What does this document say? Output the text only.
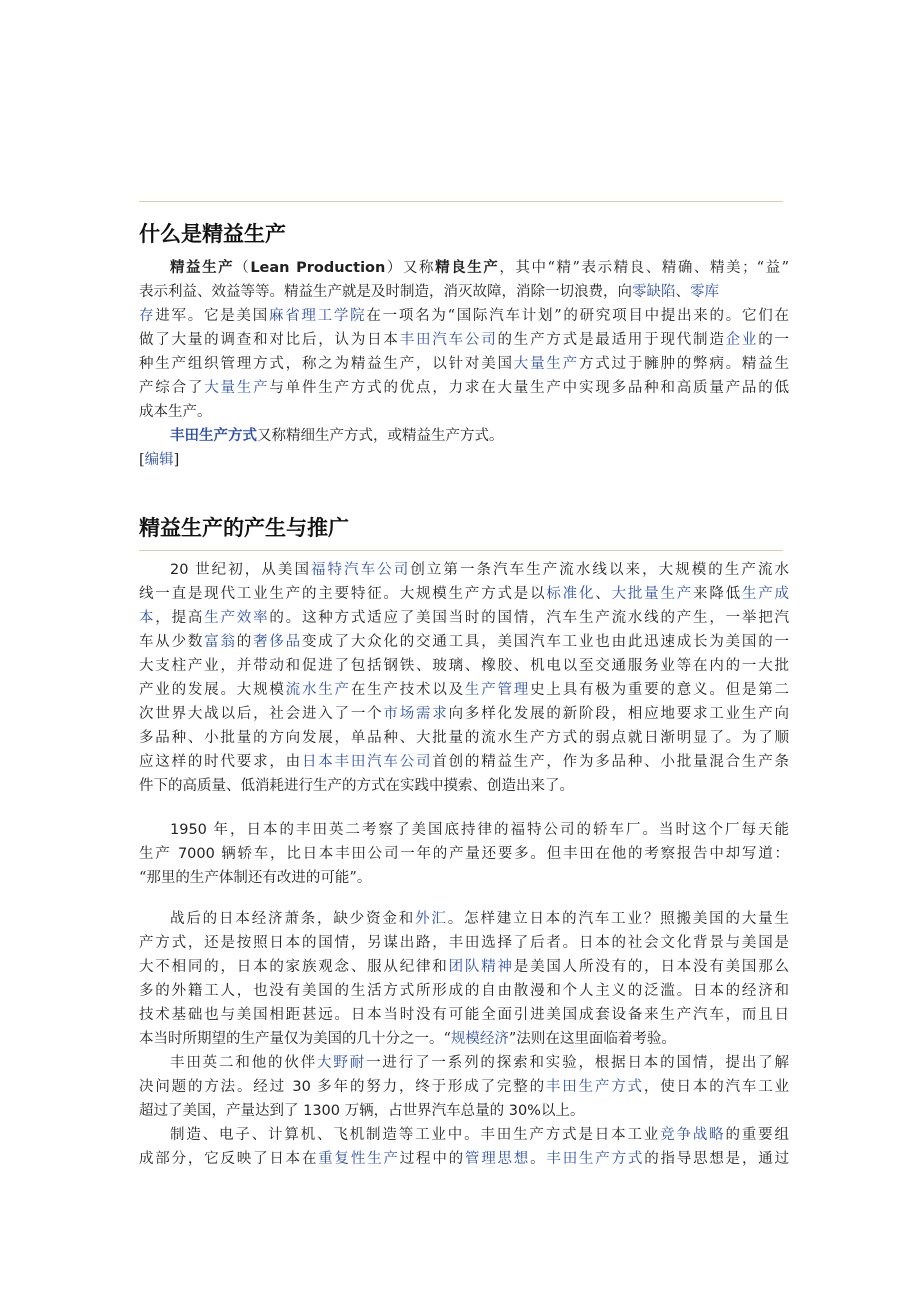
什么是精益生产
精益生产（Lean Production）又称精良生产，其中“精”表示精良、精确、精美；“益”
表示利益、效益等等。精益生产就是及时制造，消灭故障，消除一切浪费，向零缺陷、零库
存进军。它是美国麻省理工学院在一项名为“国际汽车计划”的研究项目中提出来的。它们在
做了大量的调查和对比后，认为日本丰田汽车公司的生产方式是最适用于现代制造企业的一
种生产组织管理方式，称之为精益生产，以针对美国大量生产方式过于臃肿的弊病。精益生
产综合了大量生产与单件生产方式的优点，力求在大量生产中实现多品种和高质量产品的低
成本生产。
丰田生产方式又称精细生产方式，或精益生产方式。
[编辑]
精益生产的产生与推广
20 世纪初，从美国福特汽车公司创立第一条汽车生产流水线以来，大规模的生产流水
线一直是现代工业生产的主要特征。大规模生产方式是以标准化、大批量生产来降低生产成
本，提高生产效率的。这种方式适应了美国当时的国情，汽车生产流水线的产生，一举把汽
车从少数富翁的奢侈品变成了大众化的交通工具，美国汽车工业也由此迅速成长为美国的一
大支柱产业，并带动和促进了包括钢铁、玻璃、橡胶、机电以至交通服务业等在内的一大批
产业的发展。大规模流水生产在生产技术以及生产管理史上具有极为重要的意义。但是第二
次世界大战以后，社会进入了一个市场需求向多样化发展的新阶段，相应地要求工业生产向
多品种、小批量的方向发展，单品种、大批量的流水生产方式的弱点就日渐明显了。为了顺
应这样的时代要求，由日本丰田汽车公司首创的精益生产，作为多品种、小批量混合生产条
件下的高质量、低消耗进行生产的方式在实践中摸索、创造出来了。
1950 年，日本的丰田英二考察了美国底持律的福特公司的轿车厂。当时这个厂每天能
生产 7000 辆轿车，比日本丰田公司一年的产量还要多。但丰田在他的考察报告中却写道：
“那里的生产体制还有改进的可能”。
战后的日本经济萧条，缺少资金和外汇。怎样建立日本的汽车工业？照搬美国的大量生
产方式，还是按照日本的国情，另谋出路，丰田选择了后者。日本的社会文化背景与美国是
大不相同的，日本的家族观念、服从纪律和团队精神是美国人所没有的，日本没有美国那么
多的外籍工人，也没有美国的生活方式所形成的自由散漫和个人主义的泛滥。日本的经济和
技术基础也与美国相距甚远。日本当时没有可能全面引进美国成套设备来生产汽车，而且日
本当时所期望的生产量仅为美国的几十分之一。“规模经济”法则在这里面临着考验。
丰田英二和他的伙伴大野耐一进行了一系列的探索和实验，根据日本的国情，提出了解
决问题的方法。经过 30 多年的努力，终于形成了完整的丰田生产方式，使日本的汽车工业
超过了美国，产量达到了 1300 万辆，占世界汽车总量的 30%以上。
制造、电子、计算机、飞机制造等工业中。丰田生产方式是日本工业竞争战略的重要组
成部分，它反映了日本在重复性生产过程中的管理思想。丰田生产方式的指导思想是，通过
